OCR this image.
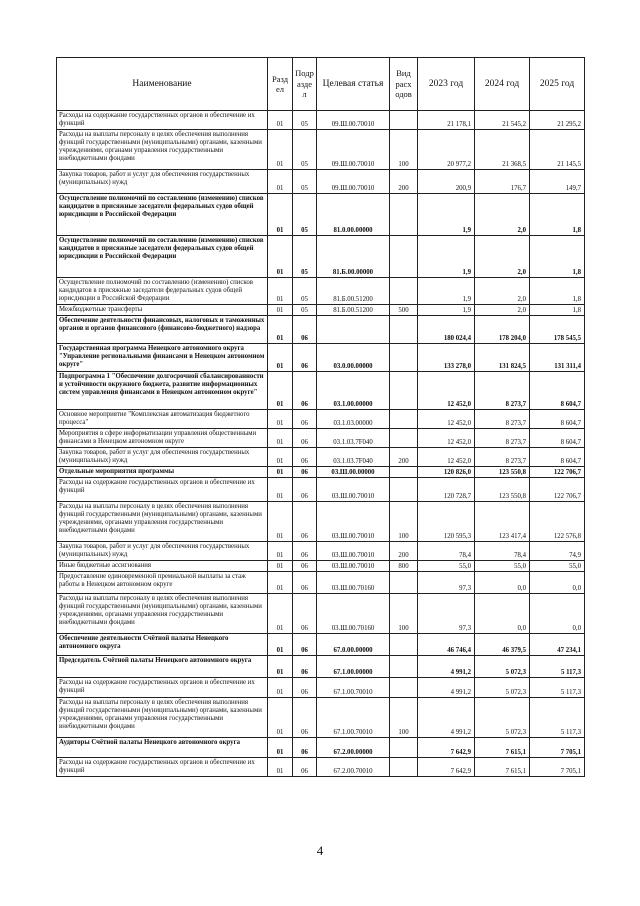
Наименование	Разд ел	Подр азде л	Целевая статья	Вид расх одов	2023 год	2024 год	2025 год
Расходы на содержание государственных органов и обеспечение их функций	01	05	09.Ш.00.70010		21 178,1	21 545,2	21 295,2
Расходы на выплаты персоналу в целях обеспечения выполнения функций государственными (муниципальными) органами, казенными учреждениями, органами управления государственными внебюджетными фондами	01	05	09.Ш.00.70010	100	20 977,2	21 368,5	21 145,5
Закупка товаров, работ и услуг для обеспечения государственных (муниципальных) нужд	01	05	09.Ш.00.70010	200	200,9	176,7	149,7
Осуществление полномочий по составлению (изменению) списков кандидатов в присяжные заседатели федеральных судов общей юрисдикции в Российской Федерации	01	05	81.0.00.00000		1,9	2,0	1,8
Осуществление полномочий по составлению (изменению) списков кандидатов в присяжные заседатели федеральных судов общей юрисдикции в Российской Федерации	01	05	81.Б.00.00000		1,9	2,0	1,8
Осуществление полномочий по составлению (изменению) списков кандидатов в присяжные заседатели федеральных судов общей юрисдикции в Российской Федерации	01	05	81.Б.00.51200		1,9	2,0	1,8
Межбюджетные трансферты	01	05	81.Б.00.51200	500	1,9	2,0	1,8
Обеспечение деятельности финансовых, налоговых и таможенных органов и органов финансового (финансово-бюджетного) надзора	01	06			180 024,4	178 204,0	178 545,5
Государственная программа Ненецкого автономного округа "Управление региональными финансами в Ненецком автономном округе"	01	06	03.0.00.00000		133 278,0	131 824,5	131 311,4
Подпрограмма 1 "Обеспечение долгосрочной сбалансированности и устойчивости окружного бюджета, развитие информационных систем управления финансами в Ненецком автономном округе"	01	06	03.1.00.00000		12 452,0	8 273,7	8 604,7
Основное мероприятие "Комплексная автоматизация бюджетного процесса"	01	06	03.1.03.00000		12 452,0	8 273,7	8 604,7
Мероприятия в сфере информатизации управления общественными финансами в Ненецком автономном округе	01	06	03.1.03.7F040		12 452,0	8 273,7	8 604,7
Закупка товаров, работ и услуг для обеспечения государственных (муниципальных) нужд	01	06	03.1.03.7F040	200	12 452,0	8 273,7	8 604,7
Отдельные мероприятия программы	01	06	03.Ш.00.00000		120 826,0	123 550,8	122 706,7
Расходы на содержание государственных органов и обеспечение их функций	01	06	03.Ш.00.70010		120 728,7	123 550,8	122 706,7
Расходы на выплаты персоналу в целях обеспечения выполнения функций государственными (муниципальными) органами, казенными учреждениями, органами управления государственными внебюджетными фондами	01	06	03.Ш.00.70010	100	120 595,3	123 417,4	122 576,8
Закупка товаров, работ и услуг для обеспечения государственных (муниципальных) нужд	01	06	03.Ш.00.70010	200	78,4	78,4	74,9
Иные бюджетные ассигнования	01	06	03.Ш.00.70010	800	55,0	55,0	55,0
Предоставление единовременной премиальной выплаты за стаж работы в Ненецком автономном округе	01	06	03.Ш.00.70160		97,3	0,0	0,0
Расходы на выплаты персоналу в целях обеспечения выполнения функций государственными (муниципальными) органами, казенными учреждениями, органами управления государственными внебюджетными фондами	01	06	03.Ш.00.70160	100	97,3	0,0	0,0
Обеспечение деятельности Счётной палаты Ненецкого автономного округа	01	06	67.0.00.00000		46 746,4	46 379,5	47 234,1
Председатель Счётной палаты Ненецкого автономного округа	01	06	67.1.00.00000		4 991,2	5 072,3	5 117,3
Расходы на содержание государственных органов и обеспечение их функций	01	06	67.1.00.70010		4 991,2	5 072,3	5 117,3
Расходы на выплаты персоналу в целях обеспечения выполнения функций государственными (муниципальными) органами, казенными учреждениями, органами управления государственными внебюджетными фондами	01	06	67.1.00.70010	100	4 991,2	5 072,3	5 117,3
Аудиторы Счётной палаты Ненецкого автономного округа	01	06	67.2.00.00000		7 642,9	7 615,1	7 705,1
Расходы на содержание государственных органов и обеспечение их функций	01	06	67.2.00.70010		7 642,9	7 615,1	7 705,1
4
